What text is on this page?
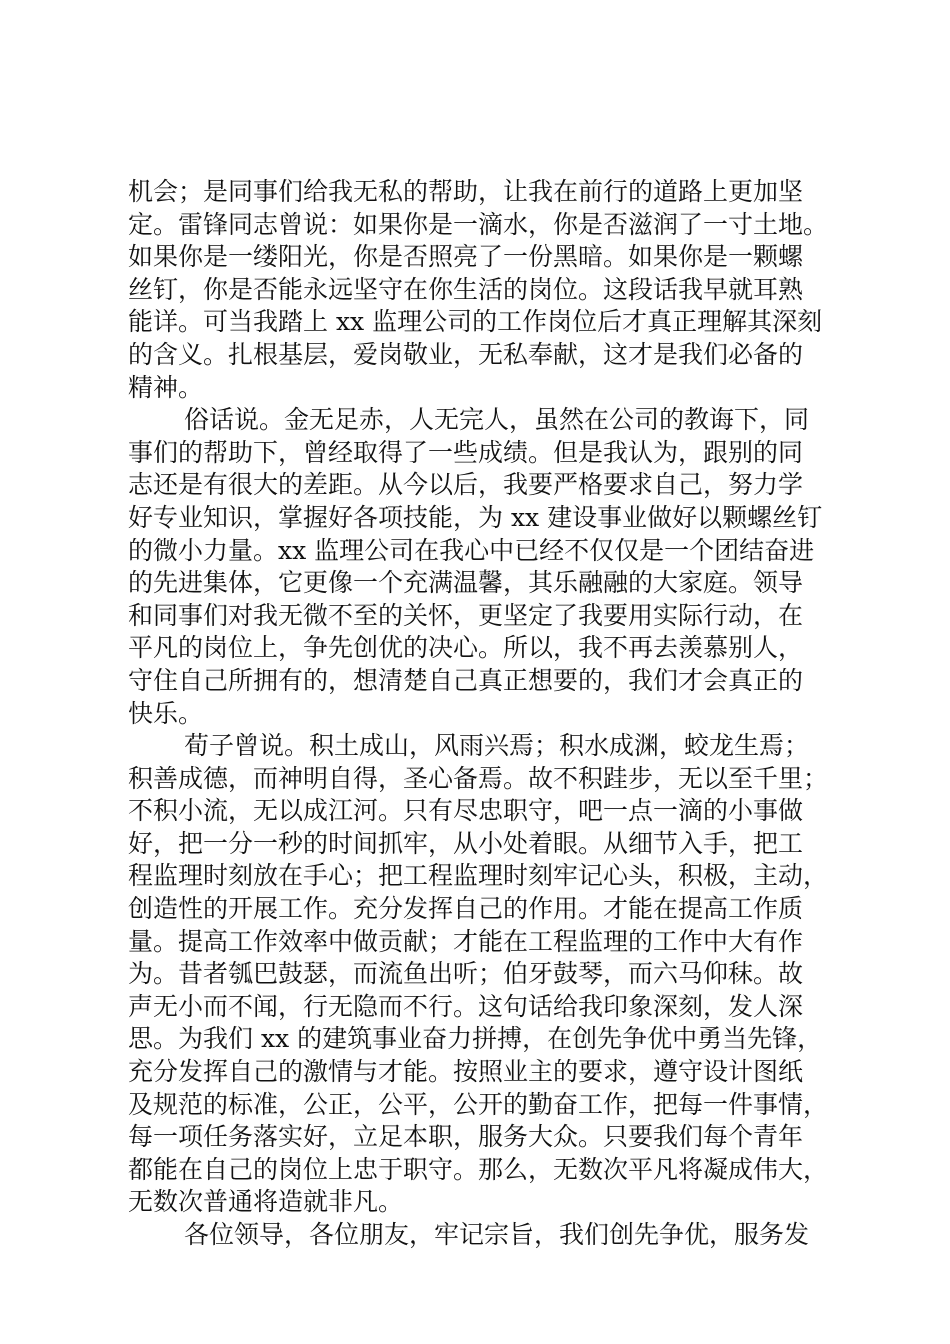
机会；是同事们给我无私的帮助，让我在前行的道路上更加坚
定。雷锋同志曾说：如果你是一滴水，你是否滋润了一寸土地。
如果你是一缕阳光，你是否照亮了一份黑暗。如果你是一颗螺
丝钉，你是否能永远坚守在你生活的岗位。这段话我早就耳熟
能详。可当我踏上 xx 监理公司的工作岗位后才真正理解其深刻
的含义。扎根基层，爱岗敬业，无私奉献，这才是我们必备的
精神。
俗话说。金无足赤，人无完人，虽然在公司的教诲下，同
事们的帮助下，曾经取得了一些成绩。但是我认为，跟别的同
志还是有很大的差距。从今以后，我要严格要求自己，努力学
好专业知识，掌握好各项技能，为 xx 建设事业做好以颗螺丝钉
的微小力量。xx 监理公司在我心中已经不仅仅是一个团结奋进
的先进集体，它更像一个充满温馨，其乐融融的大家庭。领导
和同事们对我无微不至的关怀，更坚定了我要用实际行动，在
平凡的岗位上，争先创优的决心。所以，我不再去羡慕别人，
守住自己所拥有的，想清楚自己真正想要的，我们才会真正的
快乐。
荀子曾说。积土成山，风雨兴焉；积水成渊，蛟龙生焉；
积善成德，而神明自得，圣心备焉。故不积跬步，无以至千里；
不积小流，无以成江河。只有尽忠职守，吧一点一滴的小事做
好，把一分一秒的时间抓牢，从小处着眼。从细节入手，把工
程监理时刻放在手心；把工程监理时刻牢记心头，积极，主动，
创造性的开展工作。充分发挥自己的作用。才能在提高工作质
量。提高工作效率中做贡献；才能在工程监理的工作中大有作
为。昔者瓠巴鼓瑟，而流鱼出听；伯牙鼓琴，而六马仰秣。故
声无小而不闻，行无隐而不行。这句话给我印象深刻，发人深
思。为我们 xx 的建筑事业奋力拼搏，在创先争优中勇当先锋，
充分发挥自己的激情与才能。按照业主的要求，遵守设计图纸
及规范的标准，公正，公平，公开的勤奋工作，把每一件事情，
每一项任务落实好，立足本职，服务大众。只要我们每个青年
都能在自己的岗位上忠于职守。那么，无数次平凡将凝成伟大，
无数次普通将造就非凡。
各位领导，各位朋友，牢记宗旨，我们创先争优，服务发
